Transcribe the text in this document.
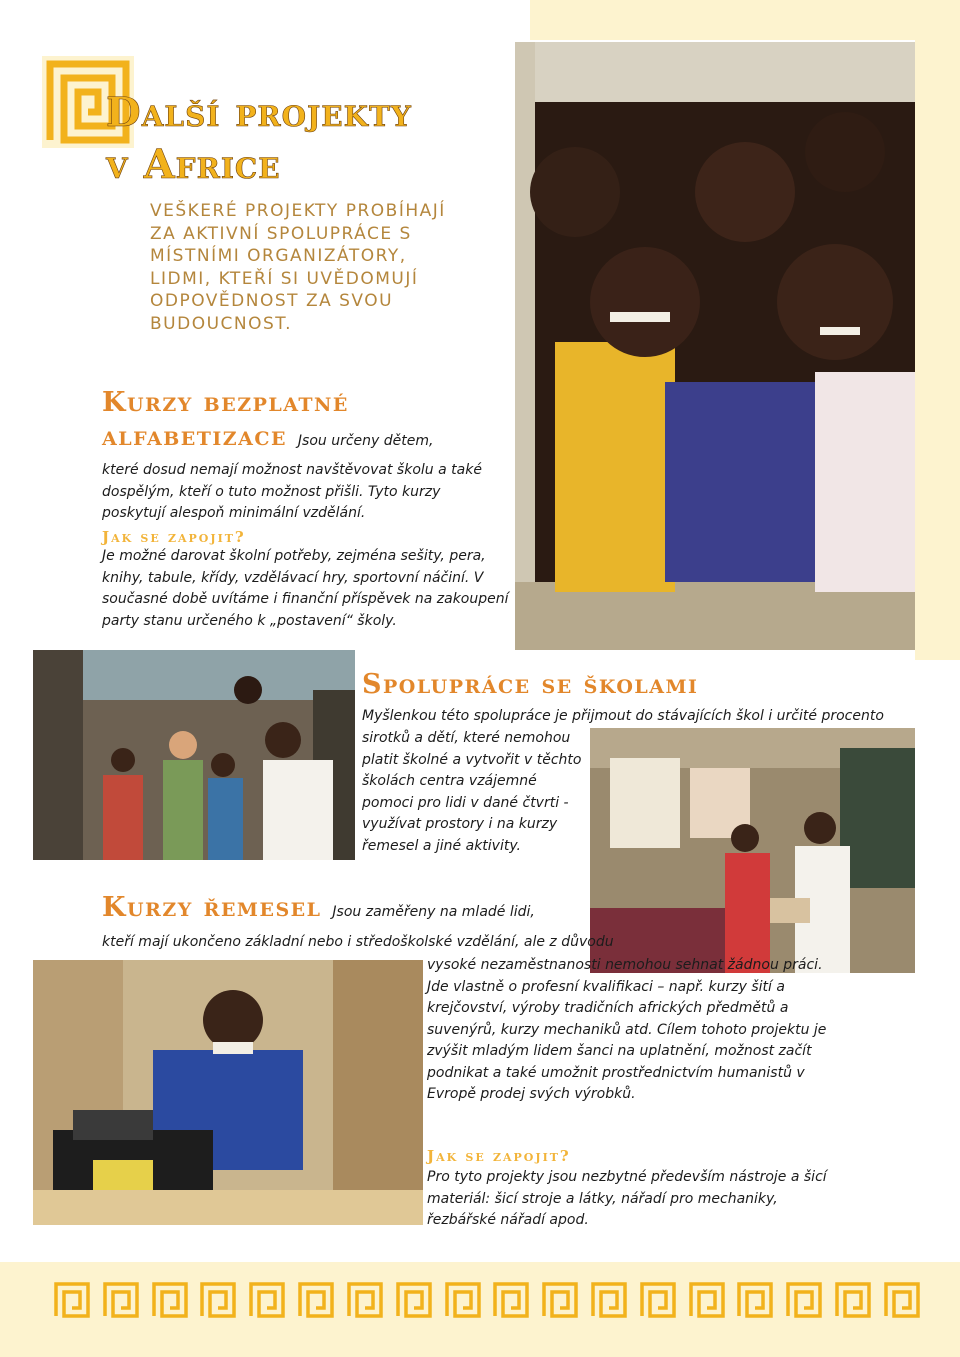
Další projekty
v Africe
VEŠKERÉ PROJEKTY PROBÍHAJÍ ZA AKTIVNÍ SPOLUPRÁCE S MÍSTNÍMI ORGANIZÁTORY, LIDMI, KTEŘÍ SI UVĚDOMUJÍ ODPOVĚDNOST ZA SVOU BUDOUCNOST.
Kurzy bezplatné
alfabetizace Jsou určeny dětem,
které dosud nemají možnost navštěvovat školu a také dospělým, kteří o tuto možnost přišli. Tyto kurzy poskytují alespoň minimální vzdělání.
Jak se zapojit?
Je možné darovat školní potřeby, zejména sešity, pera, knihy, tabule, křídy, vzdělávací hry, sportovní náčiní. V současné době uvítáme i finanční příspěvek na zakoupení party stanu určeného k „postavení“ školy.
Spolupráce se školami
Myšlenkou této spolupráce je přijmout do stávajících škol i určité procento
sirotků a dětí, které nemohou platit školné a vytvořit v těchto školách centra vzájemné pomoci pro lidi v dané čtvrti - využívat prostory i na kurzy řemesel a jiné aktivity.
Kurzy řemesel Jsou zaměřeny na mladé lidi,
kteří mají ukončeno základní nebo i středoškolské vzdělání, ale z důvodu
vysoké nezaměstnanosti nemohou sehnat žádnou práci. Jde vlastně o profesní kvalifikaci – např. kurzy šití a krejčovství, výroby tradičních afrických předmětů a suvenýrů, kurzy mechaniků atd. Cílem tohoto projektu je zvýšit mladým lidem šanci na uplatnění, možnost začít podnikat a také umožnit prostřednictvím humanistů v Evropě prodej svých výrobků.
Jak se zapojit?
Pro tyto projekty jsou nezbytné především nástroje a šicí materiál: šicí stroje a látky, nářadí pro mechaniky, řezbářské nářadí apod.
